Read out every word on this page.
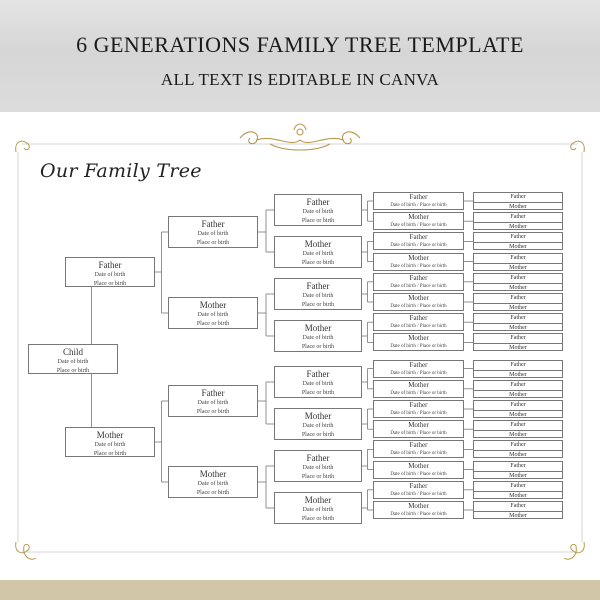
6 GENERATIONS FAMILY TREE TEMPLATE
ALL TEXT IS EDITABLE IN CANVA
Our Family Tree
Child
Date of birth
Place or birth
Father
Date of birth
Place or birth
Mother
Date of birth
Place or birth
Father
Date of birth
Place or birth
Mother
Date of birth
Place or birth
Father
Date of birth
Place or birth
Mother
Date of birth
Place or birth
Father
Date of birth
Place or birth
Mother
Date of birth
Place or birth
Father
Date of birth
Place or birth
Mother
Date of birth
Place or birth
Father
Date of birth
Place or birth
Mother
Date of birth
Place or birth
Father
Date of birth
Place or birth
Mother
Date of birth
Place or birth
Father
Date of birth / Place or birth
Mother
Date of birth / Place or birth
Father
Date of birth / Place or birth
Mother
Date of birth / Place or birth
Father
Date of birth / Place or birth
Mother
Date of birth / Place or birth
Father
Date of birth / Place or birth
Mother
Date of birth / Place or birth
Father
Date of birth / Place or birth
Mother
Date of birth / Place or birth
Father
Date of birth / Place or birth
Mother
Date of birth / Place or birth
Father
Date of birth / Place or birth
Mother
Date of birth / Place or birth
Father
Date of birth / Place or birth
Mother
Date of birth / Place or birth
Father
Mother
Father
Mother
Father
Mother
Father
Mother
Father
Mother
Father
Mother
Father
Mother
Father
Mother
Father
Mother
Father
Mother
Father
Mother
Father
Mother
Father
Mother
Father
Mother
Father
Mother
Father
Mother
